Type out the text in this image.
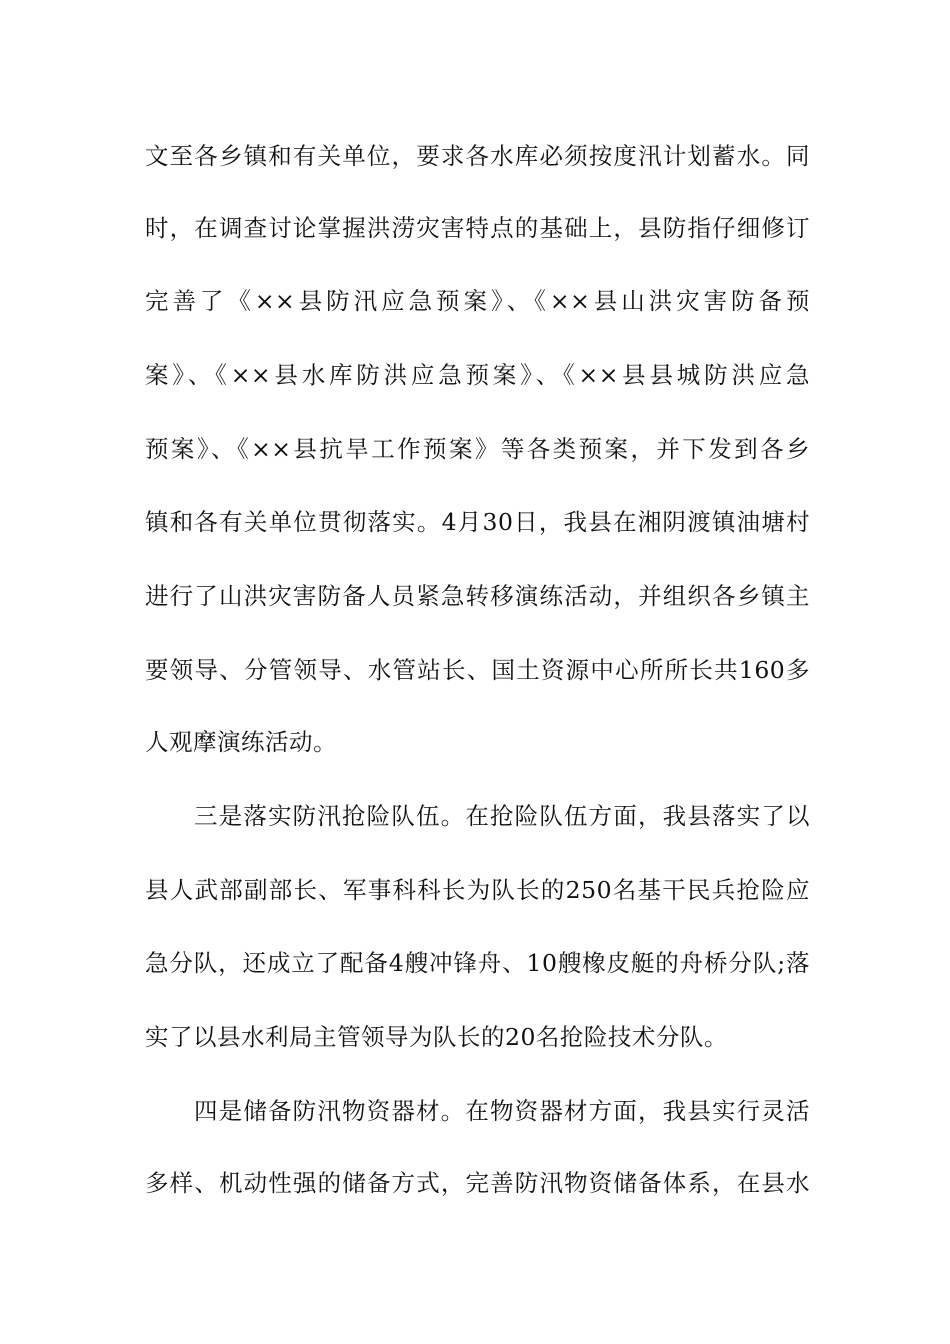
文至各乡镇和有关单位，要求各水库必须按度汛计划蓄水。同
时，在调查讨论掌握洪涝灾害特点的基础上，县防指仔细修订
完善了《××县防汛应急预案》、《××县山洪灾害防备预
案》、《××县水库防洪应急预案》、《××县县城防洪应急
预案》、《××县抗旱工作预案》等各类预案，并下发到各乡
镇和各有关单位贯彻落实。4月30日，我县在湘阴渡镇油塘村
进行了山洪灾害防备人员紧急转移演练活动，并组织各乡镇主
要领导、分管领导、水管站长、国土资源中心所所长共160多
人观摩演练活动。
三是落实防汛抢险队伍。在抢险队伍方面，我县落实了以
县人武部副部长、军事科科长为队长的250名基干民兵抢险应
急分队，还成立了配备4艘冲锋舟、10艘橡皮艇的舟桥分队;落
实了以县水利局主管领导为队长的20名抢险技术分队。
四是储备防汛物资器材。在物资器材方面，我县实行灵活
多样、机动性强的储备方式，完善防汛物资储备体系，在县水
